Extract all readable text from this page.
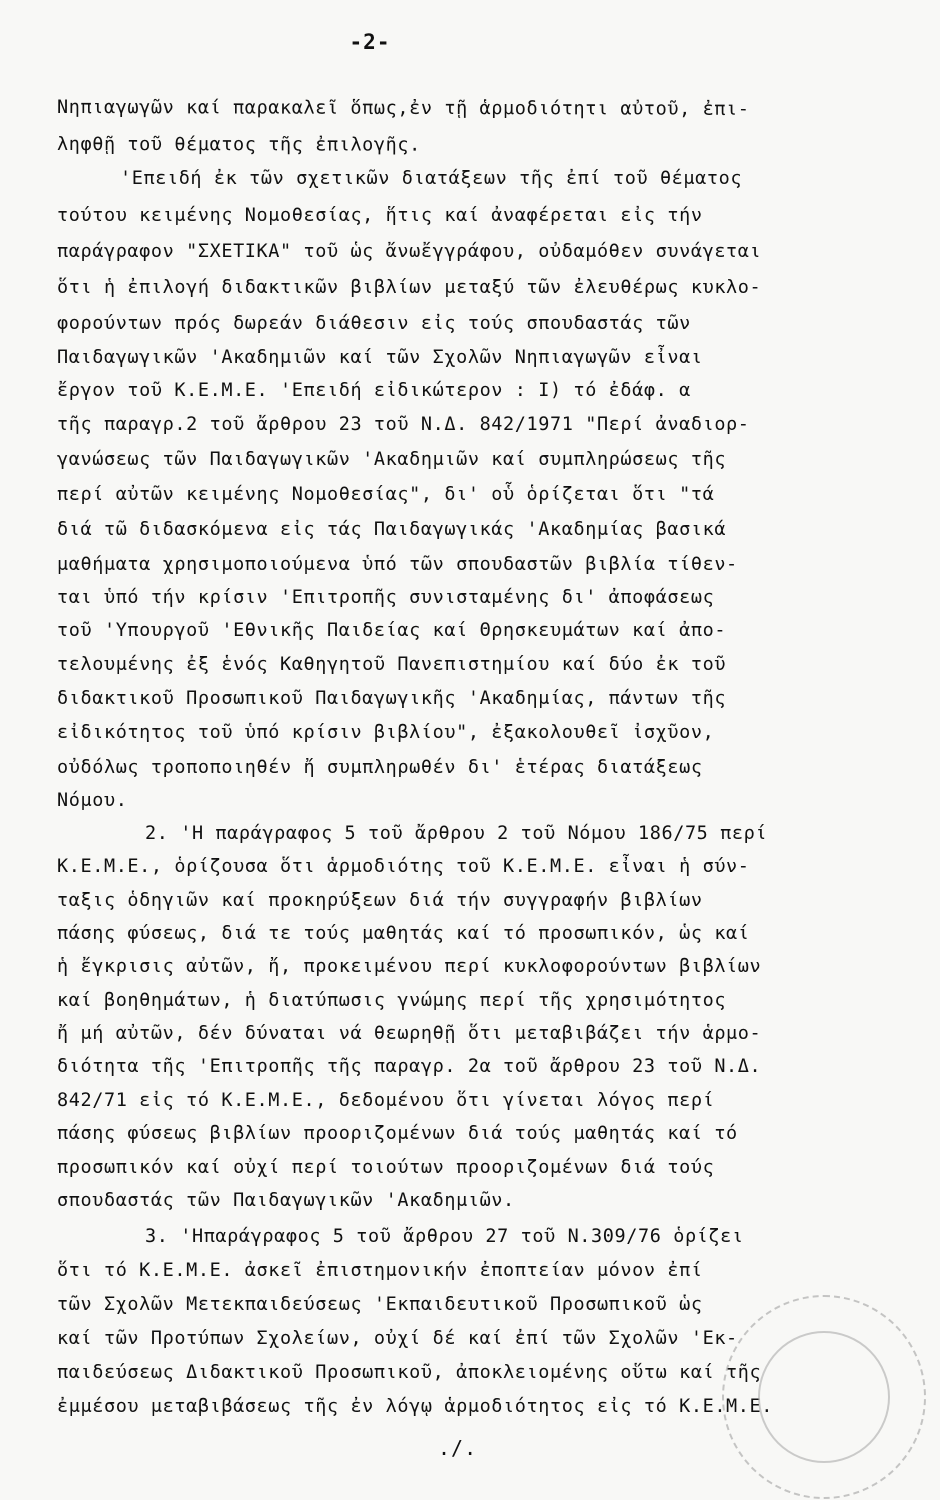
-2-
Νηπιαγωγῶν καί παρακαλεῖ ὅπως,ἐν τῇ ἁρμοδιότητι αὐτοῦ, ἐπι-
ληφθῇ τοῦ θέματος τῆς ἐπιλογῆς.
'Επειδή ἐκ τῶν σχετικῶν διατάξεων τῆς ἐπί τοῦ θέματος
τούτου κειμένης Νομοθεσίας, ἥτις καί ἀναφέρεται εἰς τήν
παράγραφον "ΣΧΕΤΙΚΑ" τοῦ ὡς ἄνωἔγγράφου, οὐδαμόθεν συνάγεται
ὅτι ἡ ἐπιλογή διδακτικῶν βιβλίων μεταξύ τῶν ἐλευθέρως κυκλο-
φορούντων πρός δωρεάν διάθεσιν εἰς τούς σπουδαστάς τῶν
Παιδαγωγικῶν 'Ακαδημιῶν καί τῶν Σχολῶν Νηπιαγωγῶν εἶναι
ἔργον τοῦ Κ.Ε.Μ.Ε. 'Επειδή εἰδικώτερον : Ι) τό ἐδάφ. α
τῆς παραγρ.2 τοῦ ἄρθρου 23 τοῦ Ν.Δ. 842/1971 "Περί ἀναδιορ-
γανώσεως τῶν Παιδαγωγικῶν 'Ακαδημιῶν καί συμπληρώσεως τῆς
περί αὐτῶν κειμένης Νομοθεσίας", δι' οὗ ὁρίζεται ὅτι "τά
διά τῶ διδασκόμενα εἰς τάς Παιδαγωγικάς 'Ακαδημίας βασικά
μαθήματα χρησιμοποιούμενα ὑπό τῶν σπουδαστῶν βιβλία τίθεν-
ται ὑπό τήν κρίσιν 'Επιτροπῆς συνισταμένης δι' ἀποφάσεως
τοῦ 'Υπουργοῦ 'Εθνικῆς Παιδείας καί Θρησκευμάτων καί ἀπο-
τελουμένης ἐξ ἑνός Καθηγητοῦ Πανεπιστημίου καί δύο ἐκ τοῦ
διδακτικοῦ Προσωπικοῦ Παιδαγωγικῆς 'Ακαδημίας, πάντων τῆς
εἰδικότητος τοῦ ὑπό κρίσιν βιβλίου", ἐξακολουθεῖ ἰσχῦον,
οὐδόλως τροποποιηθέν ἤ συμπληρωθέν δι' ἑτέρας διατάξεως
Νόμου.
2. 'Η παράγραφος 5 τοῦ ἄρθρου 2 τοῦ Νόμου 186/75 περί
Κ.Ε.Μ.Ε., ὁρίζουσα ὅτι ἁρμοδιότης τοῦ Κ.Ε.Μ.Ε. εἶναι ἡ σύν-
ταξις ὁδηγιῶν καί προκηρύξεων διά τήν συγγραφήν βιβλίων
πάσης φύσεως, διά τε τούς μαθητάς καί τό προσωπικόν, ὡς καί
ἡ ἔγκρισις αὐτῶν, ἤ, προκειμένου περί κυκλοφορούντων βιβλίων
καί βοηθημάτων, ἡ διατύπωσις γνώμης περί τῆς χρησιμότητος
ἤ μή αὐτῶν, δέν δύναται νά θεωρηθῇ ὅτι μεταβιβάζει τήν ἁρμο-
διότητα τῆς 'Επιτροπῆς τῆς παραγρ. 2α τοῦ ἄρθρου 23 τοῦ Ν.Δ.
842/71 εἰς τό Κ.Ε.Μ.Ε., δεδομένου ὅτι γίνεται λόγος περί
πάσης φύσεως βιβλίων προοριζομένων διά τούς μαθητάς καί τό
προσωπικόν καί οὐχί περί τοιούτων προοριζομένων διά τούς
σπουδαστάς τῶν Παιδαγωγικῶν 'Ακαδημιῶν.
3. 'Ηπαράγραφος 5 τοῦ ἄρθρου 27 τοῦ Ν.309/76 ὁρίζει
ὅτι τό Κ.Ε.Μ.Ε. ἀσκεῖ ἐπιστημονικήν ἐποπτείαν μόνον ἐπί
τῶν Σχολῶν Μετεκπαιδεύσεως 'Εκπαιδευτικοῦ Προσωπικοῦ ὡς
καί τῶν Προτύπων Σχολείων, οὐχί δέ καί ἐπί τῶν Σχολῶν 'Εκ-
παιδεύσεως Διδακτικοῦ Προσωπικοῦ, ἀποκλειομένης οὕτω καί τῆς
ἐμμέσου μεταβιβάσεως τῆς ἐν λόγῳ ἁρμοδιότητος εἰς τό Κ.Ε.Μ.Ε.
./.
